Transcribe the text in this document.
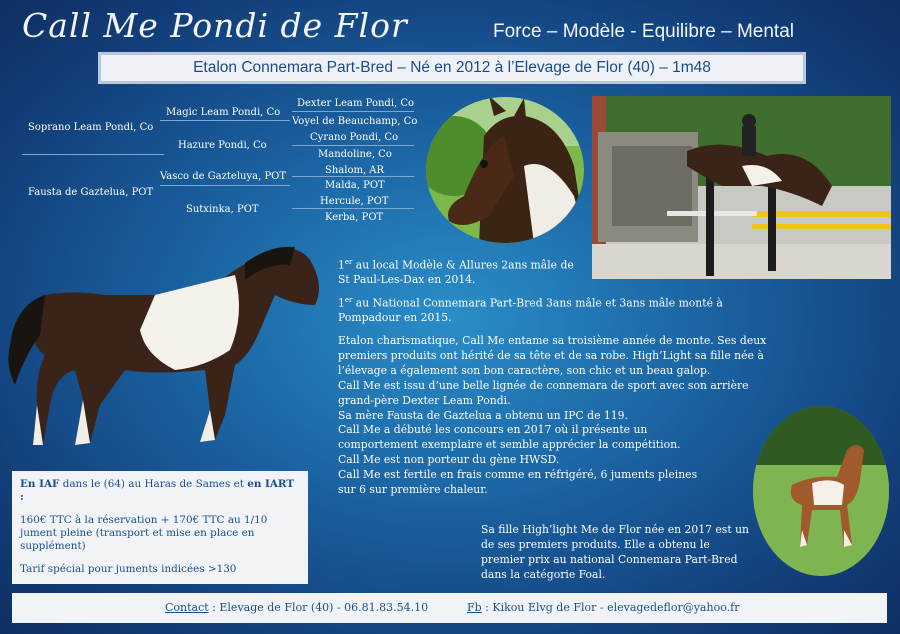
Call Me Pondi de Flor	Force – Modèle - Equilibre – Mental
Etalon Connemara Part-Bred – Né en 2012 à l’Elevage de Flor (40) – 1m48
Soprano Leam Pondi, Co
Fausta de Gaztelua, POT
Magic Leam Pondi, Co
Hazure Pondi, Co
Vasco de Gazteluya, POT
Sutxinka, POT
Dexter Leam Pondi, Co
Voyel de Beauchamp, Co
Cyrano Pondi, Co
Mandoline, Co
Shalom, AR
Malda, POT
Hercule, POT
Kerba, POT
1er au local Modèle & Allures 2ans mâle de
St Paul-Les-Dax en 2014.
1er au National Connemara Part-Bred 3ans mâle et 3ans mâle monté à
Pompadour en 2015.
Etalon charismatique, Call Me entame sa troisième année de monte. Ses deux
premiers produits ont hérité de sa tête et de sa robe. High’Light sa fille née à
l’élevage a également son bon caractère, son chic et un beau galop.
Call Me est issu d’une belle lignée de connemara de sport avec son arrière
grand-père Dexter Leam Pondi.
Sa mère Fausta de Gaztelua a obtenu un IPC de 119.
Call Me a débuté les concours en 2017 où il présente un
comportement exemplaire et semble apprécier la compétition.
Call Me est non porteur du gène HWSD.
Call Me est fertile en frais comme en réfrigéré, 6 juments pleines
sur 6 sur première chaleur.
Sa fille High’light Me de Flor née en 2017 est un
de ses premiers produits. Elle a obtenu le
premier prix au national Connemara Part-Bred
dans la catégorie Foal.
En IAF dans le (64) au Haras de Sames et en IART :
160€ TTC à la réservation + 170€ TTC au 1/10
jument pleine (transport et mise en place en
supplément)
Tarif spécial pour juments indicées >130
Contact : Elevage de Flor (40) - 06.81.83.54.10	Fb : Kikou Elvg de Flor - elevagedeflor@yahoo.fr
